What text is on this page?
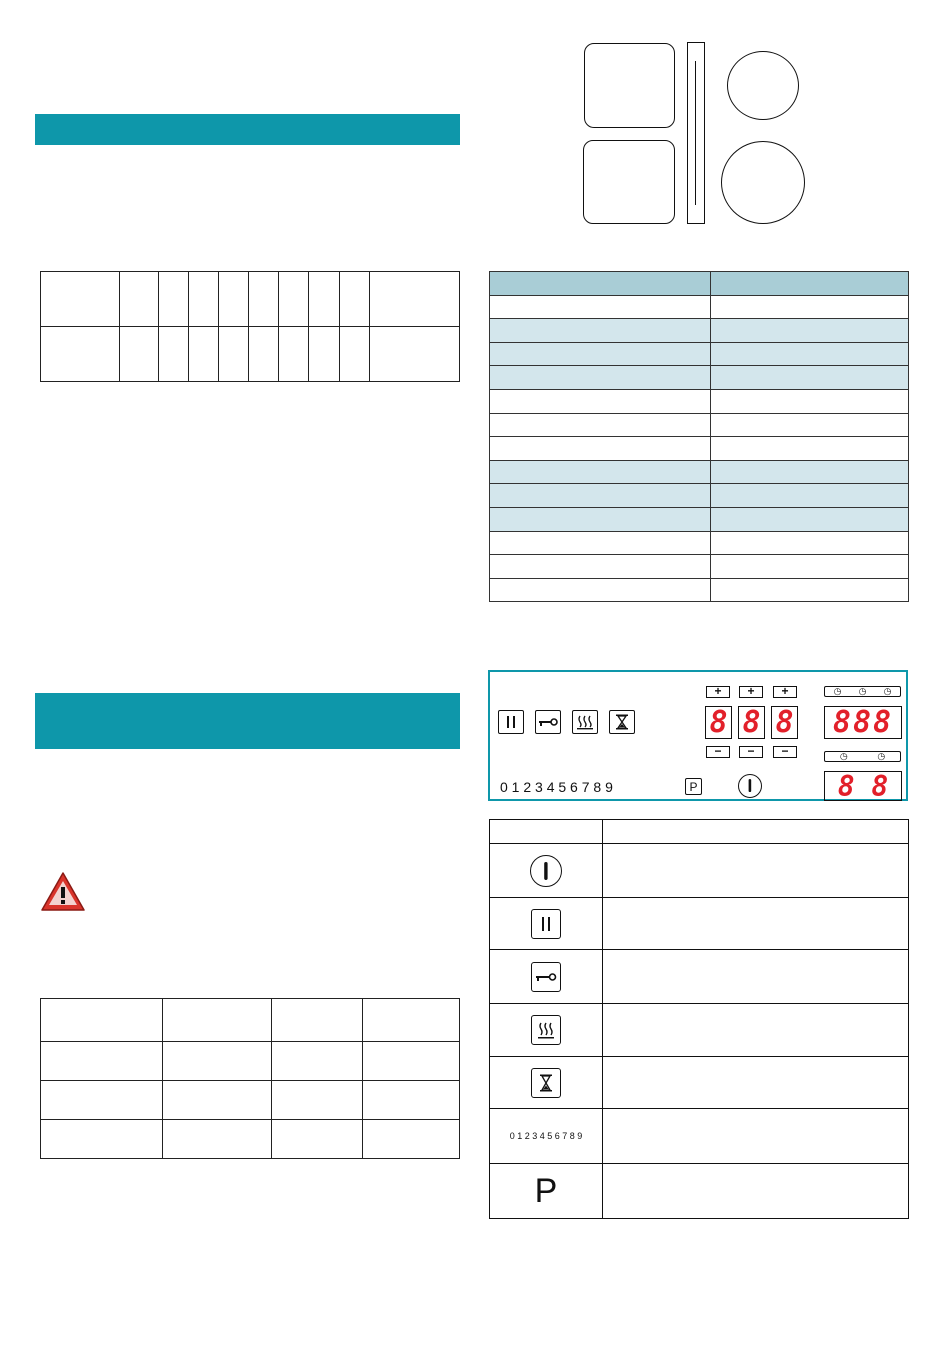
0 1 2 3 4 5 6 7 8 9	P
+	+	+
8 8 8
−	−	−
◷ ◷ ◷
888
◷	◷
8 8

0 1 2 3 4 5 6 7 8 9	
P	
